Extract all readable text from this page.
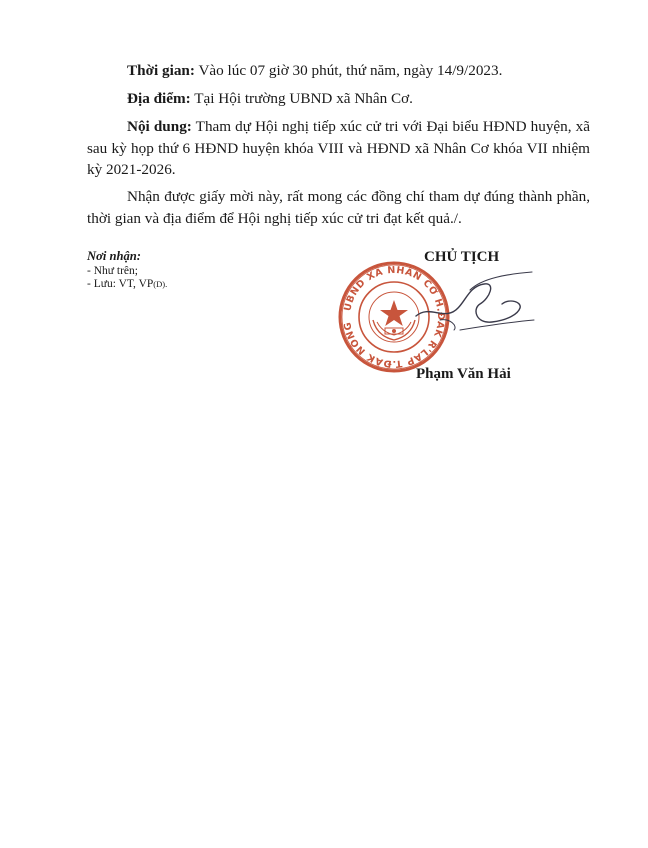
Thời gian: Vào lúc 07 giờ 30 phút, thứ năm, ngày 14/9/2023.

Địa điểm: Tại Hội trường UBND xã Nhân Cơ.

Nội dung: Tham dự Hội nghị tiếp xúc cử tri với Đại biểu HĐND huyện, xã sau kỳ họp thứ 6 HĐND huyện khóa VIII và HĐND xã Nhân Cơ khóa VII nhiệm kỳ 2021-2026.

Nhận được giấy mời này, rất mong các đồng chí tham dự đúng thành phần, thời gian và địa điểm để Hội nghị tiếp xúc cử tri đạt kết quả./.

Nơi nhận:
- Như trên;
- Lưu: VT, VP(D).
CHỦ TỊCH
UBND XÃ NHÂN CƠ H.ĐĂK R'LẤP T.ĐĂK NÔNG
Phạm Văn Hải
